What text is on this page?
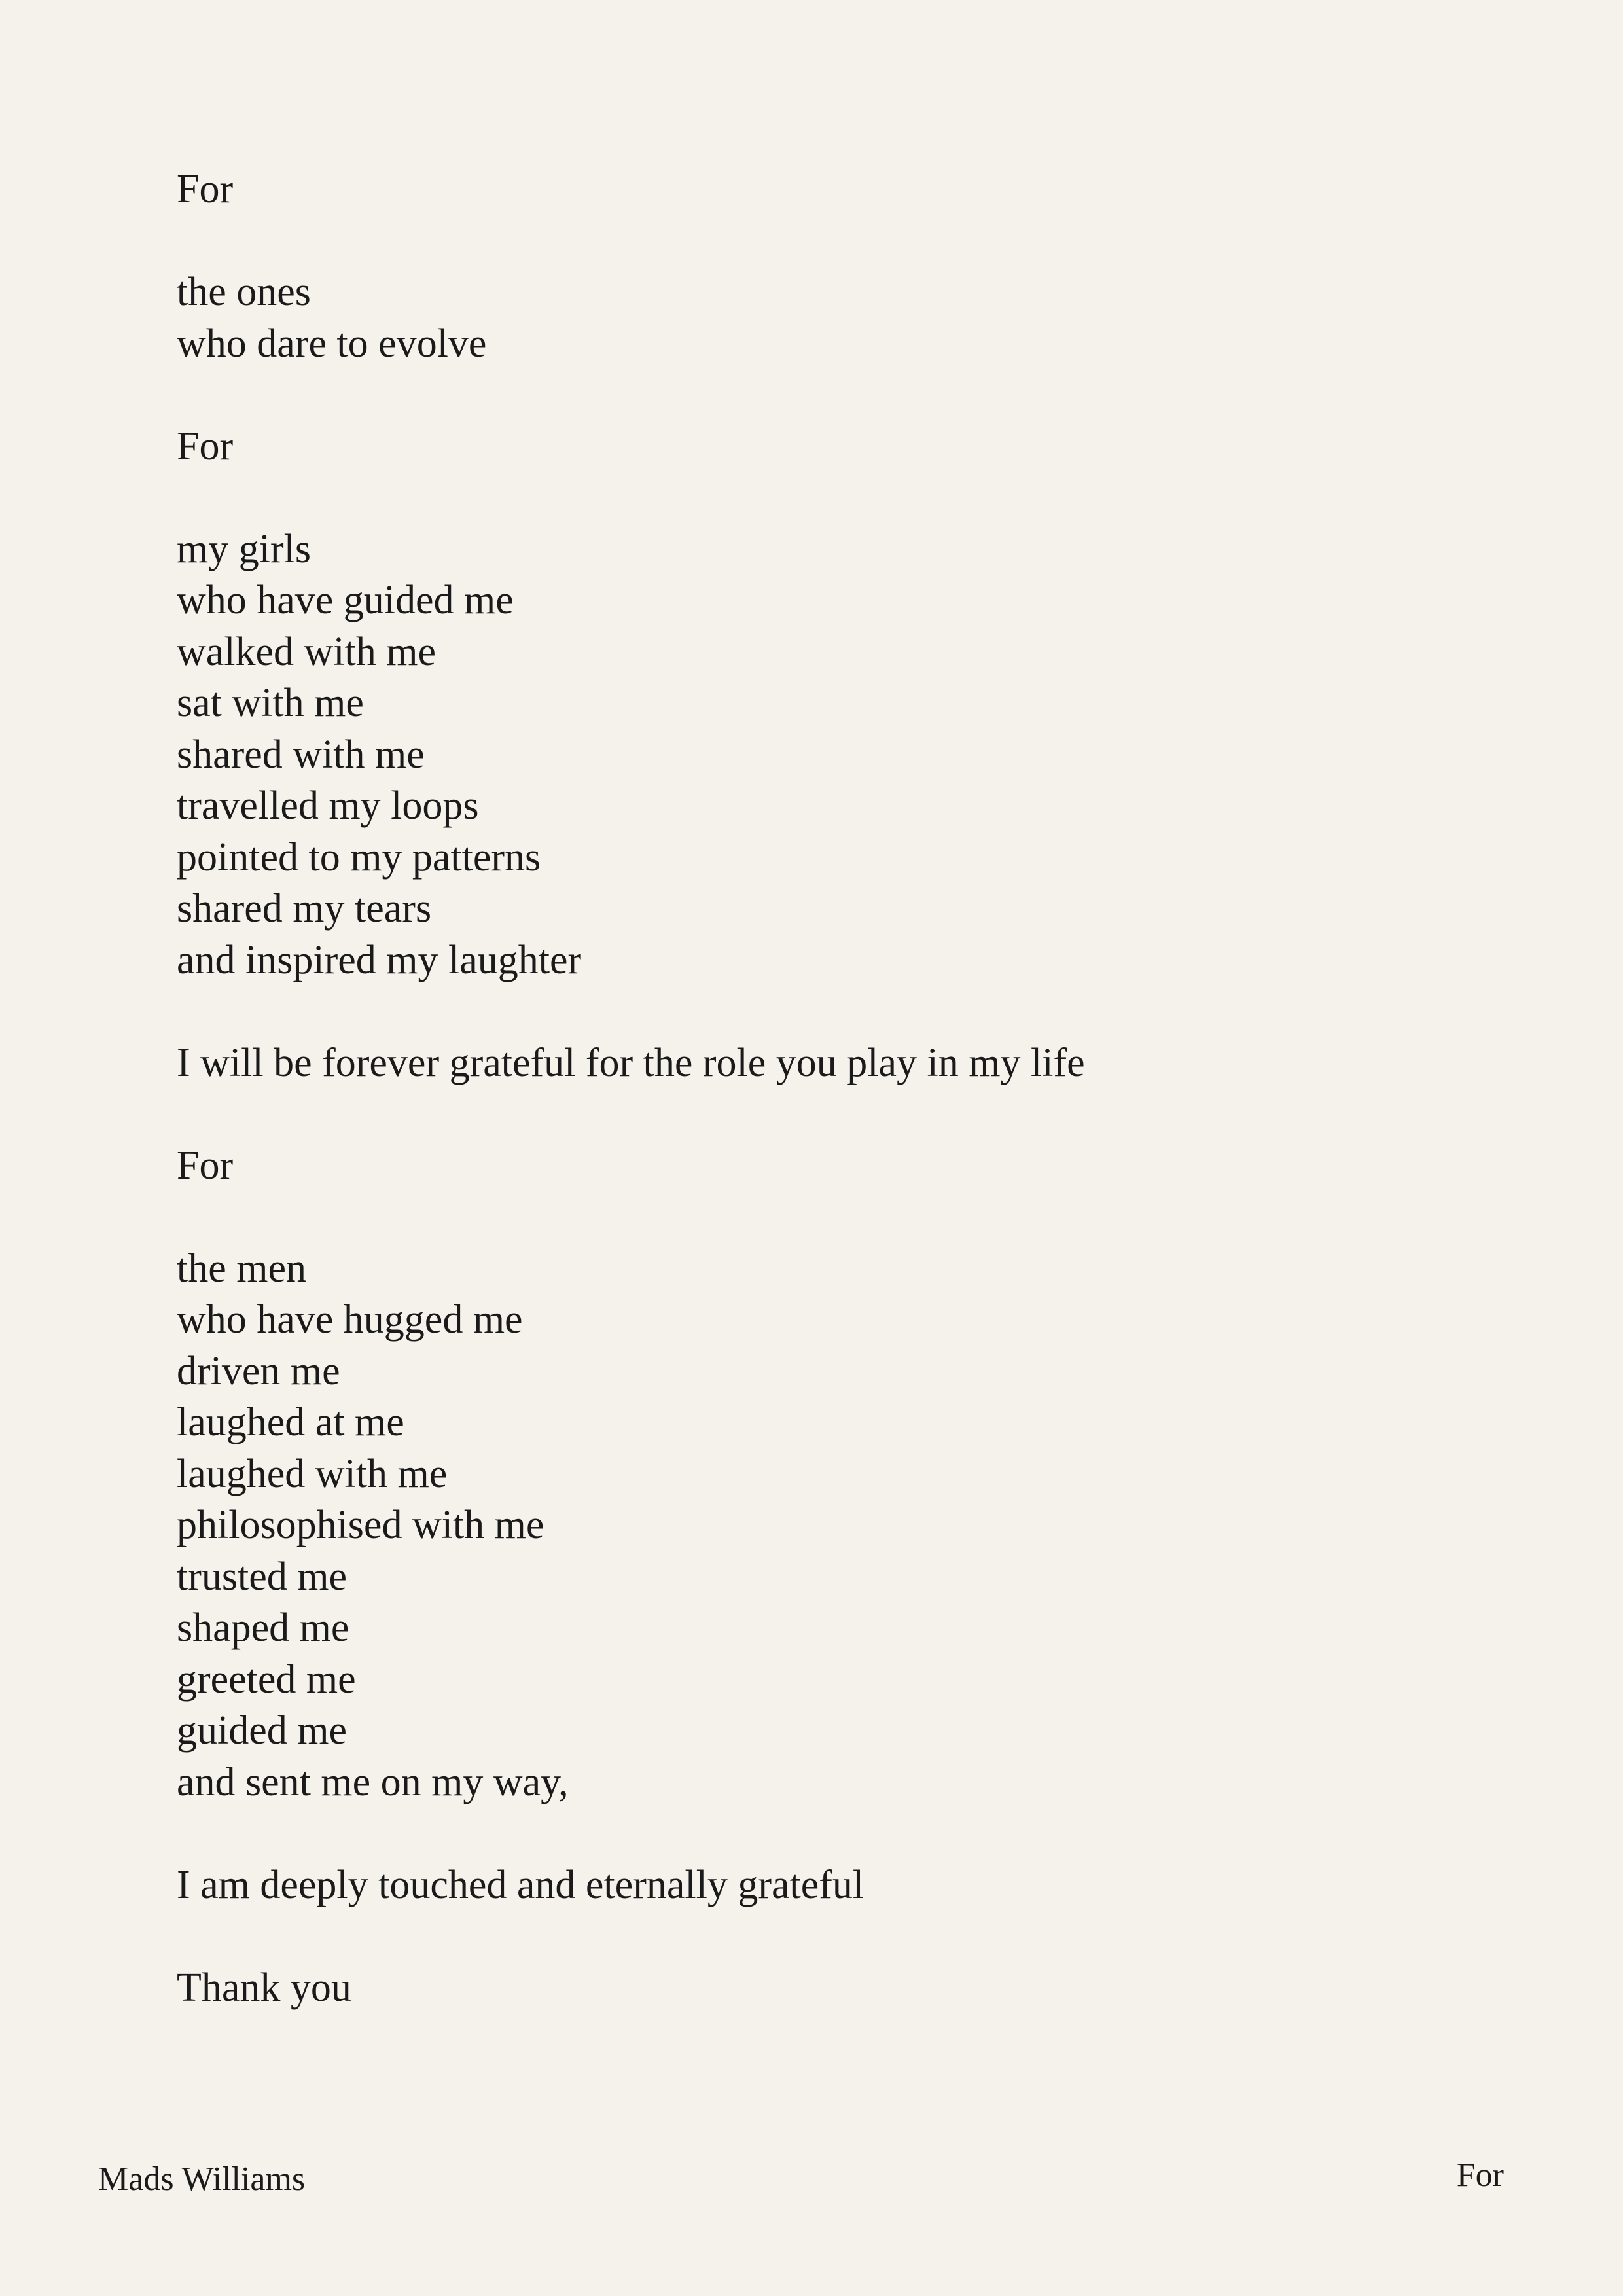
For
the ones
who dare to evolve
For
my girls
who have guided me
walked with me
sat with me
shared with me
travelled my loops
pointed to my patterns
shared my tears
and inspired my laughter
I will be forever grateful for the role you play in my life
For
the men
who have hugged me
driven me
laughed at me
laughed with me
philosophised with me
trusted me
shaped me
greeted me
guided me
and sent me on my way,
I am deeply touched and eternally grateful
Thank you
Mads Williams	For
